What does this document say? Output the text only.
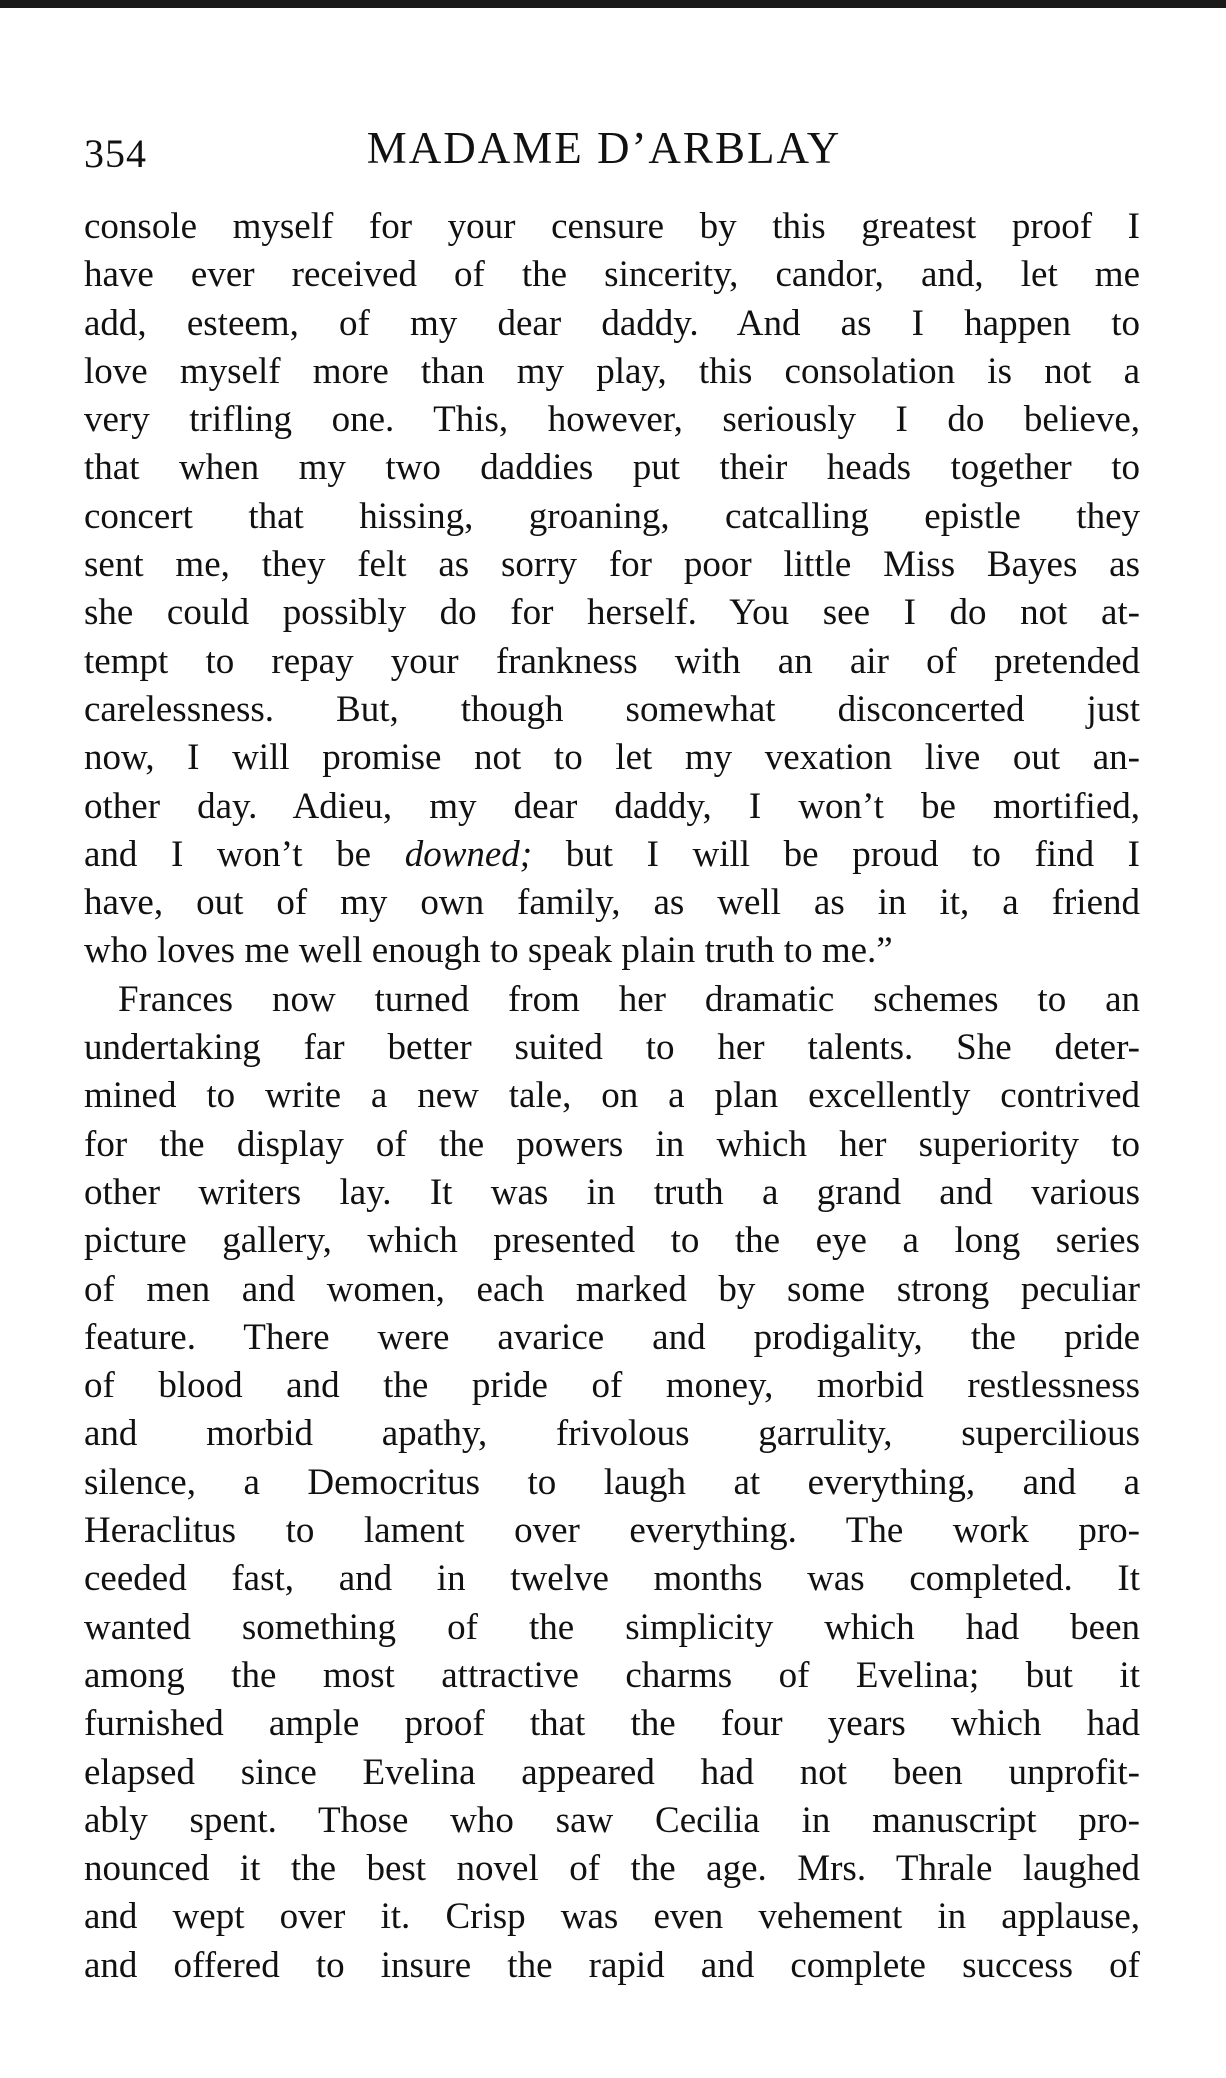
354	MADAME D’ARBLAY
console myself for your censure by this greatest proof I
have ever received of the sincerity, candor, and, let me
add, esteem, of my dear daddy. And as I happen to
love myself more than my play, this consolation is not a
very trifling one. This, however, seriously I do believe,
that when my two daddies put their heads together to
concert that hissing, groaning, catcalling epistle they
sent me, they felt as sorry for poor little Miss Bayes as
she could possibly do for herself. You see I do not at-
tempt to repay your frankness with an air of pretended
carelessness. But, though somewhat disconcerted just
now, I will promise not to let my vexation live out an-
other day. Adieu, my dear daddy, I won’t be mortified,
and I won’t be downed; but I will be proud to find I
have, out of my own family, as well as in it, a friend
who loves me well enough to speak plain truth to me.”
Frances now turned from her dramatic schemes to an
undertaking far better suited to her talents. She deter-
mined to write a new tale, on a plan excellently contrived
for the display of the powers in which her superiority to
other writers lay. It was in truth a grand and various
picture gallery, which presented to the eye a long series
of men and women, each marked by some strong peculiar
feature. There were avarice and prodigality, the pride
of blood and the pride of money, morbid restlessness
and morbid apathy, frivolous garrulity, supercilious
silence, a Democritus to laugh at everything, and a
Heraclitus to lament over everything. The work pro-
ceeded fast, and in twelve months was completed. It
wanted something of the simplicity which had been
among the most attractive charms of Evelina; but it
furnished ample proof that the four years which had
elapsed since Evelina appeared had not been unprofit-
ably spent. Those who saw Cecilia in manuscript pro-
nounced it the best novel of the age. Mrs. Thrale laughed
and wept over it. Crisp was even vehement in applause,
and offered to insure the rapid and complete success of
